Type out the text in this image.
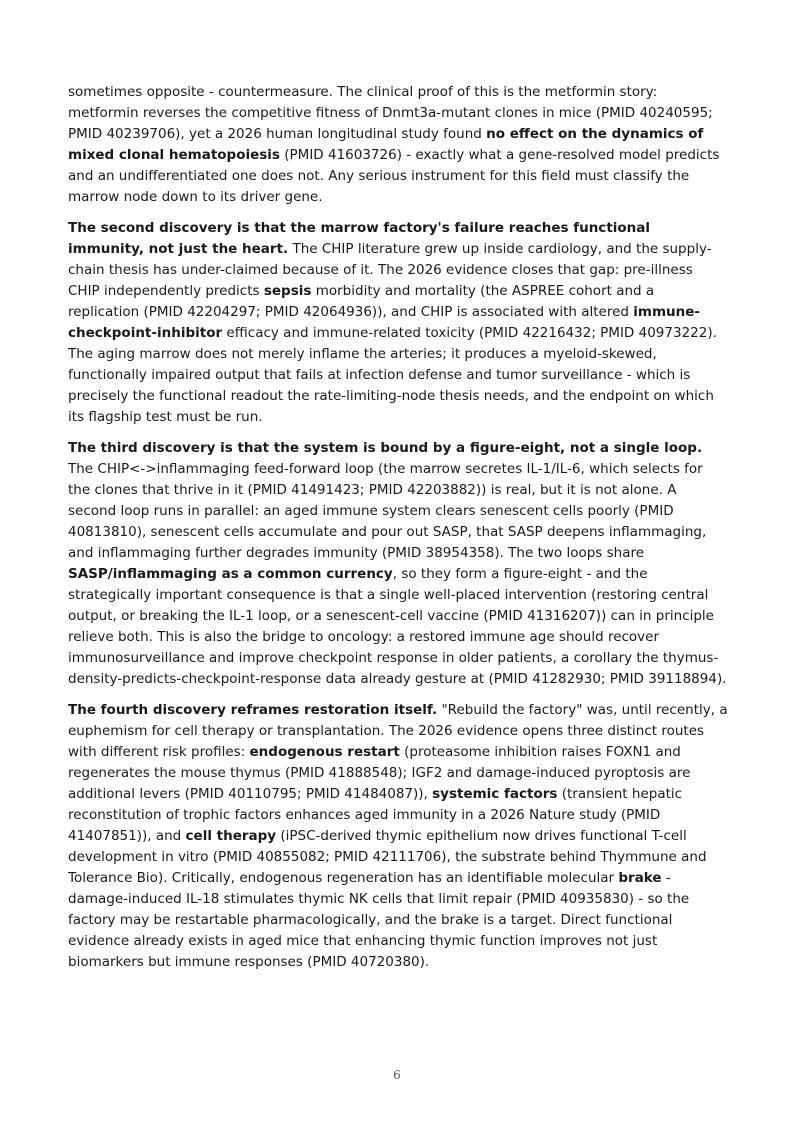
sometimes opposite - countermeasure. The clinical proof of this is the metformin story: metformin reverses the competitive fitness of Dnmt3a-mutant clones in mice (PMID 40240595; PMID 40239706), yet a 2026 human longitudinal study found no effect on the dynamics of mixed clonal hematopoiesis (PMID 41603726) - exactly what a gene-resolved model predicts and an undifferentiated one does not. Any serious instrument for this field must classify the marrow node down to its driver gene.

The second discovery is that the marrow factory's failure reaches functional immunity, not just the heart. The CHIP literature grew up inside cardiology, and the supply-chain thesis has under-claimed because of it. The 2026 evidence closes that gap: pre-illness CHIP independently predicts sepsis morbidity and mortality (the ASPREE cohort and a replication (PMID 42204297; PMID 42064936)), and CHIP is associated with altered immune-checkpoint-inhibitor efficacy and immune-related toxicity (PMID 42216432; PMID 40973222). The aging marrow does not merely inflame the arteries; it produces a myeloid-skewed, functionally impaired output that fails at infection defense and tumor surveillance - which is precisely the functional readout the rate-limiting-node thesis needs, and the endpoint on which its flagship test must be run.

The third discovery is that the system is bound by a figure-eight, not a single loop. The CHIP<->inflammaging feed-forward loop (the marrow secretes IL-1/IL-6, which selects for the clones that thrive in it (PMID 41491423; PMID 42203882)) is real, but it is not alone. A second loop runs in parallel: an aged immune system clears senescent cells poorly (PMID 40813810), senescent cells accumulate and pour out SASP, that SASP deepens inflammaging, and inflammaging further degrades immunity (PMID 38954358). The two loops share SASP/inflammaging as a common currency, so they form a figure-eight - and the strategically important consequence is that a single well-placed intervention (restoring central output, or breaking the IL-1 loop, or a senescent-cell vaccine (PMID 41316207)) can in principle relieve both. This is also the bridge to oncology: a restored immune age should recover immunosurveillance and improve checkpoint response in older patients, a corollary the thymus-density-predicts-checkpoint-response data already gesture at (PMID 41282930; PMID 39118894).

The fourth discovery reframes restoration itself. "Rebuild the factory" was, until recently, a euphemism for cell therapy or transplantation. The 2026 evidence opens three distinct routes with different risk profiles: endogenous restart (proteasome inhibition raises FOXN1 and regenerates the mouse thymus (PMID 41888548); IGF2 and damage-induced pyroptosis are additional levers (PMID 40110795; PMID 41484087)), systemic factors (transient hepatic reconstitution of trophic factors enhances aged immunity in a 2026 Nature study (PMID 41407851)), and cell therapy (iPSC-derived thymic epithelium now drives functional T-cell development in vitro (PMID 40855082; PMID 42111706), the substrate behind Thymmune and Tolerance Bio). Critically, endogenous regeneration has an identifiable molecular brake - damage-induced IL-18 stimulates thymic NK cells that limit repair (PMID 40935830) - so the factory may be restartable pharmacologically, and the brake is a target. Direct functional evidence already exists in aged mice that enhancing thymic function improves not just biomarkers but immune responses (PMID 40720380).

6
